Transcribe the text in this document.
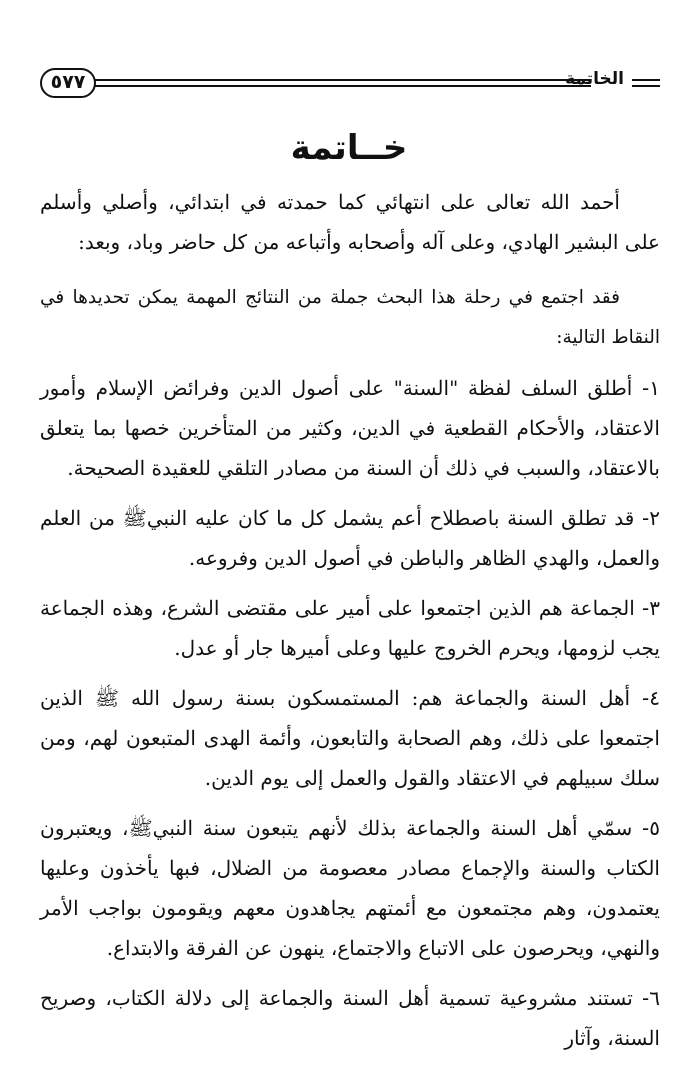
٥٧٧	الخاتمة
خــاتمة

أحمد الله تعالى على انتهائي كما حمدته في ابتدائي، وأصلي وأسلم على البشير الهادي، وعلى آله وأصحابه وأتباعه من كل حاضر وباد، وبعد:

فقد اجتمع في رحلة هذا البحث جملة من النتائج المهمة يمكن تحديدها في النقاط التالية:

١- أطلق السلف لفظة "السنة" على أصول الدين وفرائض الإسلام وأمور الاعتقاد، والأحكام القطعية في الدين، وكثير من المتأخرين خصها بما يتعلق بالاعتقاد، والسبب في ذلك أن السنة من مصادر التلقي للعقيدة الصحيحة.

٢- قد تطلق السنة باصطلاح أعم يشمل كل ما كان عليه النبيﷺ من العلم والعمل، والهدي الظاهر والباطن في أصول الدين وفروعه.

٣- الجماعة هم الذين اجتمعوا على أمير على مقتضى الشرع، وهذه الجماعة يجب لزومها، ويحرم الخروج عليها وعلى أميرها جار أو عدل.

٤- أهل السنة والجماعة هم: المستمسكون بسنة رسول الله ﷺ الذين اجتمعوا على ذلك، وهم الصحابة والتابعون، وأئمة الهدى المتبعون لهم، ومن سلك سبيلهم في الاعتقاد والقول والعمل إلى يوم الدين.

٥- سمّي أهل السنة والجماعة بذلك لأنهم يتبعون سنة النبيﷺ، ويعتبرون الكتاب والسنة والإجماع مصادر معصومة من الضلال، فبها يأخذون وعليها يعتمدون، وهم مجتمعون مع أئمتهم يجاهدون معهم ويقومون بواجب الأمر والنهي، ويحرصون على الاتباع والاجتماع، ينهون عن الفرقة والابتداع.

٦- تستند مشروعية تسمية أهل السنة والجماعة إلى دلالة الكتاب، وصريح السنة، وآثار
